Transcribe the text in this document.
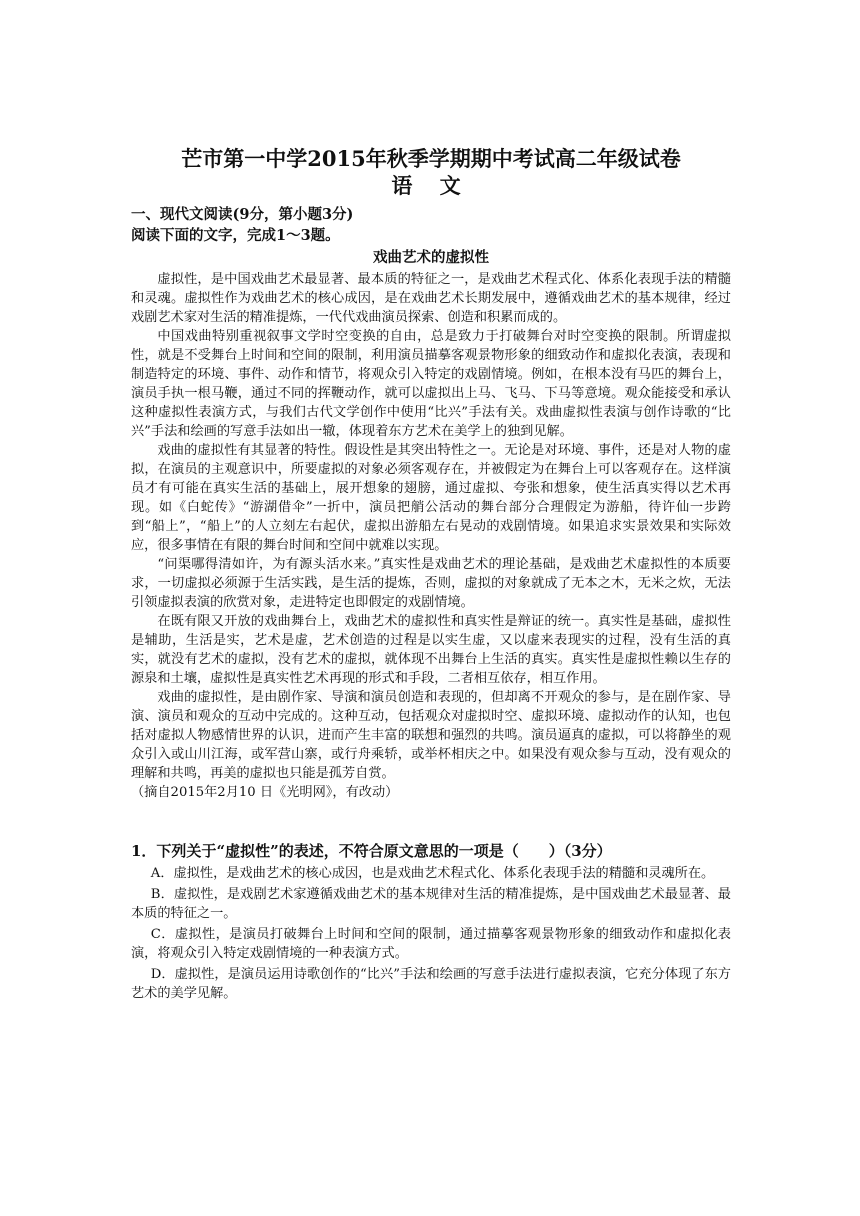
芒市第一中学2015年秋季学期期中考试高二年级试卷
语 文

一、现代文阅读(9分，第小题3分)

阅读下面的文字，完成1～3题。

戏曲艺术的虚拟性

虚拟性，是中国戏曲艺术最显著、最本质的特征之一，是戏曲艺术程式化、体系化表现手法的精髓和灵魂。虚拟性作为戏曲艺术的核心成因，是在戏曲艺术长期发展中，遵循戏曲艺术的基本规律，经过戏剧艺术家对生活的精准提炼，一代代戏曲演员探索、创造和积累而成的。

中国戏曲特别重视叙事文学时空变换的自由，总是致力于打破舞台对时空变换的限制。所谓虚拟性，就是不受舞台上时间和空间的限制，利用演员描摹客观景物形象的细致动作和虚拟化表演，表现和制造特定的环境、事件、动作和情节，将观众引入特定的戏剧情境。例如，在根本没有马匹的舞台上，演员手执一根马鞭，通过不同的挥鞭动作，就可以虚拟出上马、飞马、下马等意境。观众能接受和承认这种虚拟性表演方式，与我们古代文学创作中使用“比兴”手法有关。戏曲虚拟性表演与创作诗歌的“比兴”手法和绘画的写意手法如出一辙，体现着东方艺术在美学上的独到见解。

戏曲的虚拟性有其显著的特性。假设性是其突出特性之一。无论是对环境、事件，还是对人物的虚拟，在演员的主观意识中，所要虚拟的对象必须客观存在，并被假定为在舞台上可以客观存在。这样演员才有可能在真实生活的基础上，展开想象的翅膀，通过虚拟、夸张和想象，使生活真实得以艺术再现。如《白蛇传》“游湖借伞”一折中，演员把艄公活动的舞台部分合理假定为游船，待许仙一步跨到“船上”，“船上”的人立刻左右起伏，虚拟出游船左右晃动的戏剧情境。如果追求实景效果和实际效应，很多事情在有限的舞台时间和空间中就难以实现。

“问渠哪得清如许，为有源头活水来。”真实性是戏曲艺术的理论基础，是戏曲艺术虚拟性的本质要求，一切虚拟必须源于生活实践，是生活的提炼，否则，虚拟的对象就成了无本之木，无米之炊，无法引领虚拟表演的欣赏对象，走进特定也即假定的戏剧情境。

在既有限又开放的戏曲舞台上，戏曲艺术的虚拟性和真实性是辩证的统一。真实性是基础，虚拟性是辅助，生活是实，艺术是虚，艺术创造的过程是以实生虚，又以虚来表现实的过程，没有生活的真实，就没有艺术的虚拟，没有艺术的虚拟，就体现不出舞台上生活的真实。真实性是虚拟性赖以生存的源泉和土壤，虚拟性是真实性艺术再现的形式和手段，二者相互依存，相互作用。

戏曲的虚拟性，是由剧作家、导演和演员创造和表现的，但却离不开观众的参与，是在剧作家、导演、演员和观众的互动中完成的。这种互动，包括观众对虚拟时空、虚拟环境、虚拟动作的认知，也包括对虚拟人物感情世界的认识，进而产生丰富的联想和强烈的共鸣。演员逼真的虚拟，可以将静坐的观众引入或山川江海，或军营山寨，或行舟乘轿，或举杯相庆之中。如果没有观众参与互动，没有观众的理解和共鸣，再美的虚拟也只能是孤芳自赏。

（摘自2015年2月10 日《光明网》，有改动）

1．下列关于“虚拟性”的表述，不符合原文意思的一项是（　　）（3分）

A．虚拟性，是戏曲艺术的核心成因，也是戏曲艺术程式化、体系化表现手法的精髓和灵魂所在。

B．虚拟性，是戏剧艺术家遵循戏曲艺术的基本规律对生活的精准提炼，是中国戏曲艺术最显著、最本质的特征之一。

C．虚拟性，是演员打破舞台上时间和空间的限制，通过描摹客观景物形象的细致动作和虚拟化表演，将观众引入特定戏剧情境的一种表演方式。

D．虚拟性，是演员运用诗歌创作的“比兴”手法和绘画的写意手法进行虚拟表演，它充分体现了东方艺术的美学见解。
